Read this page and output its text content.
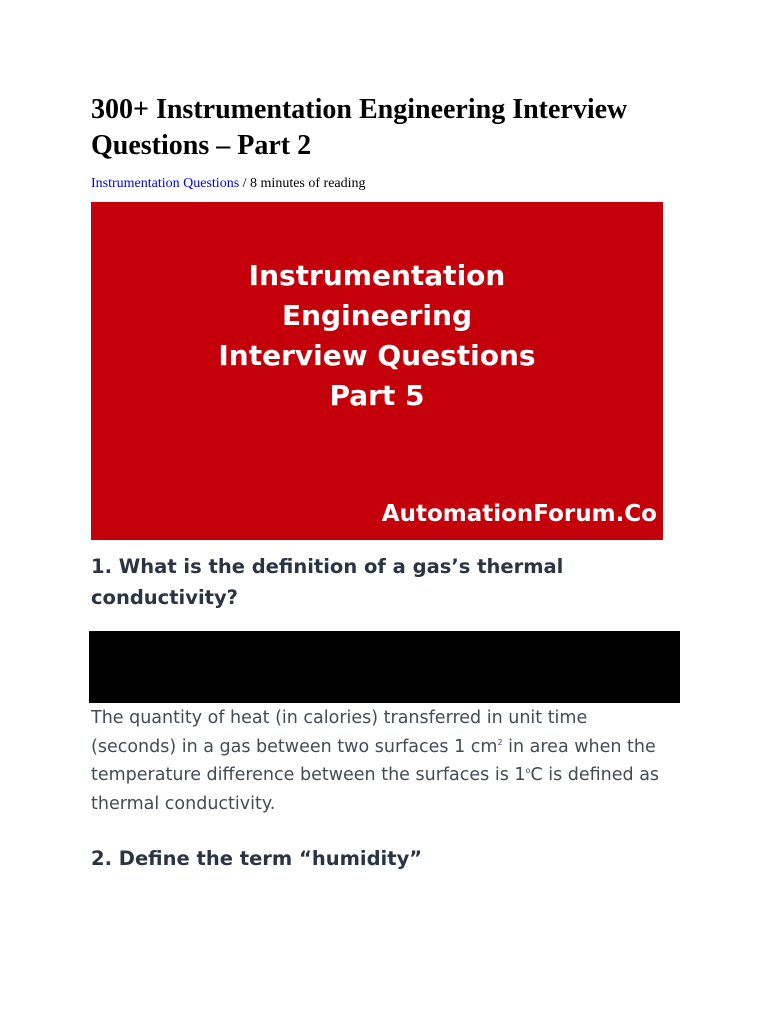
300+ Instrumentation Engineering Interview Questions – Part 2
Instrumentation Questions / 8 minutes of reading
Instrumentation
Engineering
Interview Questions
Part 5
AutomationForum.Co
1. What is the definition of a gas’s thermal conductivity?

The quantity of heat (in calories) transferred in unit time
(seconds) in a gas between two surfaces 1 $cm^2$ in area when the
temperature difference between the surfaces is 1$^o$C is defined as
thermal conductivity.

2. Define the term “humidity”
